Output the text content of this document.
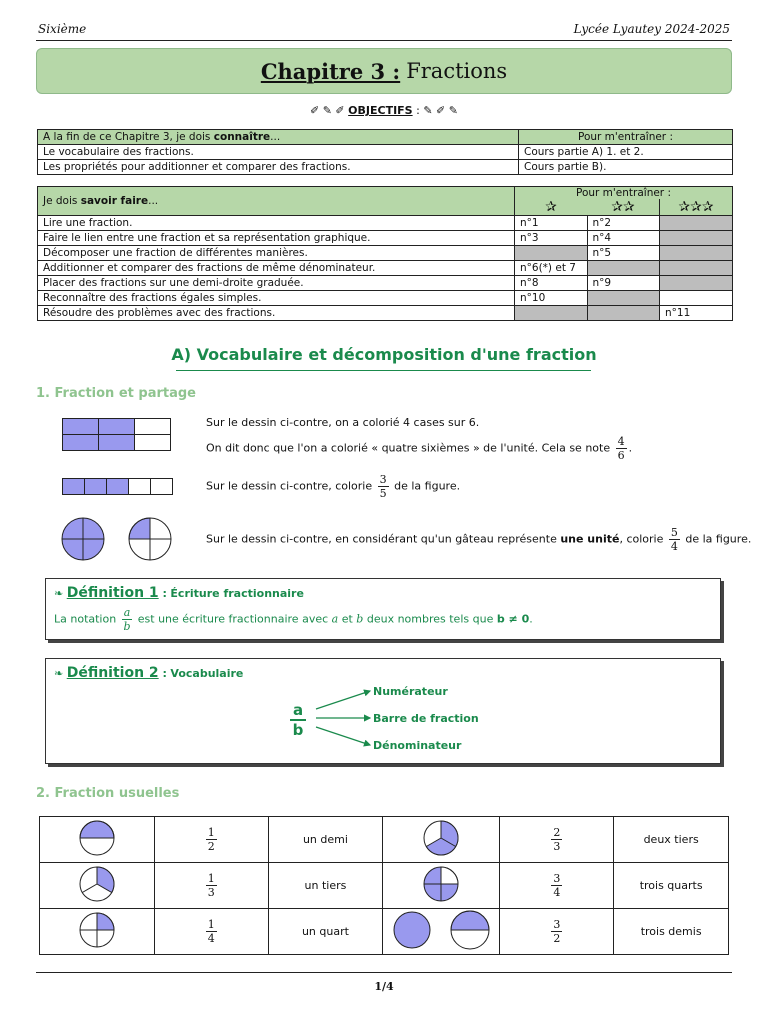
Sixième	Lycée Lyautey 2024-2025
Chapitre 3 : Fractions
✐ ✎ ✐ OBJECTIFS : ✎ ✐ ✎
A la fin de ce Chapitre 3, je dois connaître...	Pour m'entraîner :
Le vocabulaire des fractions.	Cours partie A) 1. et 2.
Les propriétés pour additionner et comparer des fractions.	Cours partie B).
Je dois savoir faire...	Pour m'entraîner :		
	✰	✰✰	✰✰✰
Lire une fraction.	n°1	n°2	
Faire le lien entre une fraction et sa représentation graphique.	n°3	n°4	
Décomposer une fraction de différentes manières.		n°5	
Additionner et comparer des fractions de même dénominateur.	n°6(*) et 7		
Placer des fractions sur une demi-droite graduée.	n°8	n°9	
Reconnaître des fractions égales simples.	n°10		
Résoudre des problèmes avec des fractions.			n°11
A) Vocabulaire et décomposition d'une fraction
1. Fraction et partage
Sur le dessin ci-contre, on a colorié 4 cases sur 6.
On dit donc que l'on a colorié « quatre sixièmes » de l'unité. Cela se note $\frac{4}{6}$ .
Sur le dessin ci-contre, colorie $\frac{3}{5}$ de la figure.
Sur le dessin ci-contre, en considérant qu'un gâteau représente une unité, colorie $\frac{5}{4}$ de la figure.
❧ Définition 1 : Écriture fractionnaire
La notation $\frac{a}{b}$ est une écriture fractionnaire avec a et b deux nombres tels que b ≠ 0.
❧ Définition 2 : Vocabulaire
a
b
Numérateur
Barre de fraction
Dénominateur
2. Fraction usuelles

$\frac{1}{2}$	un demi		$\frac{2}{3}$	deux tiers

$\frac{1}{3}$	un tiers		$\frac{3}{4}$	trois quarts

$\frac{1}{4}$	un quart		$\frac{3}{2}$	trois demis
1/4
